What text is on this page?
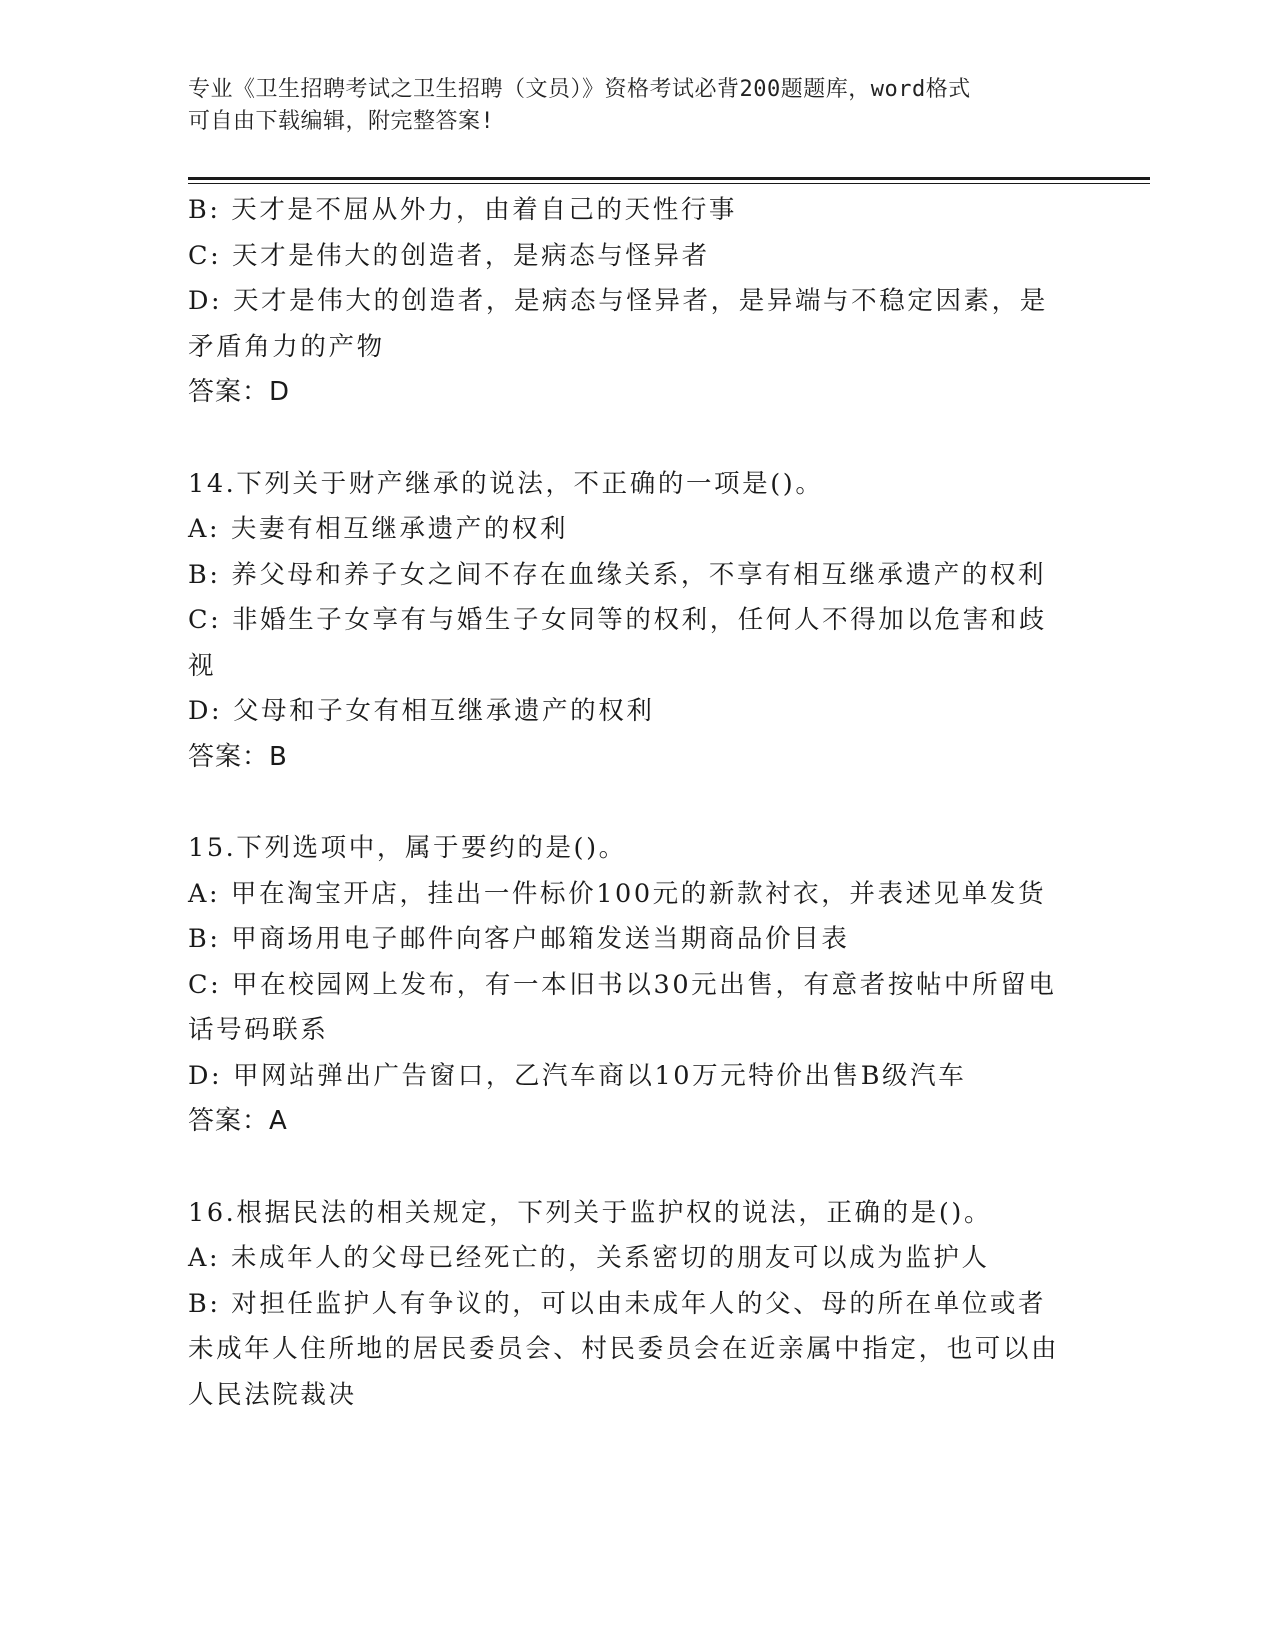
专业《卫生招聘考试之卫生招聘（文员）》资格考试必背200题题库，word格式
可自由下载编辑，附完整答案!
B: 天才是不屈从外力，由着自己的天性行事
C: 天才是伟大的创造者，是病态与怪异者
D: 天才是伟大的创造者，是病态与怪异者，是异端与不稳定因素，是矛盾角力的产物
答案：D
14.下列关于财产继承的说法，不正确的一项是()。
A: 夫妻有相互继承遗产的权利
B: 养父母和养子女之间不存在血缘关系，不享有相互继承遗产的权利
C: 非婚生子女享有与婚生子女同等的权利，任何人不得加以危害和歧视
D: 父母和子女有相互继承遗产的权利
答案：B
15.下列选项中，属于要约的是()。
A: 甲在淘宝开店，挂出一件标价100元的新款衬衣，并表述见单发货
B: 甲商场用电子邮件向客户邮箱发送当期商品价目表
C: 甲在校园网上发布，有一本旧书以30元出售，有意者按帖中所留电话号码联系
D: 甲网站弹出广告窗口，乙汽车商以10万元特价出售B级汽车
答案：A
16.根据民法的相关规定，下列关于监护权的说法，正确的是()。
A: 未成年人的父母已经死亡的，关系密切的朋友可以成为监护人
B: 对担任监护人有争议的，可以由未成年人的父、母的所在单位或者未成年人住所地的居民委员会、村民委员会在近亲属中指定，也可以由人民法院裁决
